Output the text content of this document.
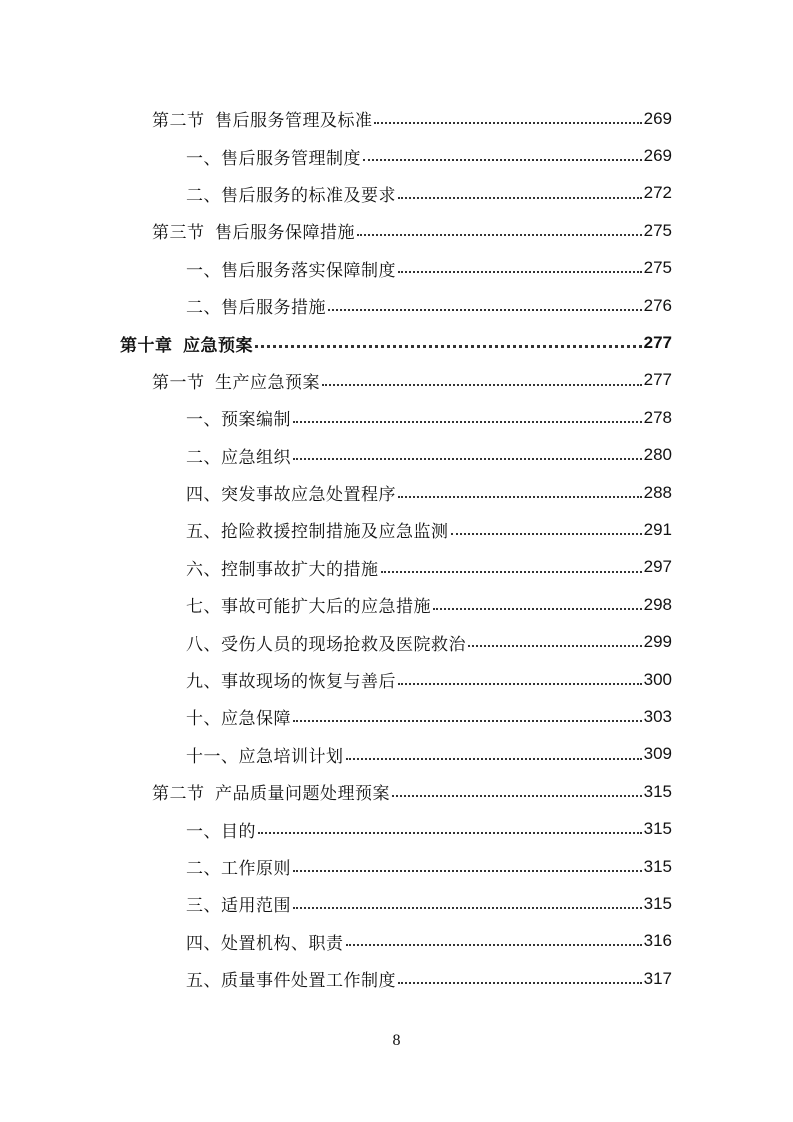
第二节  售后服务管理及标准	269
一、售后服务管理制度	269
二、售后服务的标准及要求	272
第三节  售后服务保障措施	275
一、售后服务落实保障制度	275
二、售后服务措施	276
第十章  应急预案	277
第一节  生产应急预案	277
一、预案编制	278
二、应急组织	280
四、突发事故应急处置程序	288
五、抢险救援控制措施及应急监测	291
六、控制事故扩大的措施	297
七、事故可能扩大后的应急措施	298
八、受伤人员的现场抢救及医院救治	299
九、事故现场的恢复与善后	300
十、应急保障	303
十一、应急培训计划	309
第二节  产品质量问题处理预案	315
一、目的	315
二、工作原则	315
三、适用范围	315
四、处置机构、职责	316
五、质量事件处置工作制度	317
8
